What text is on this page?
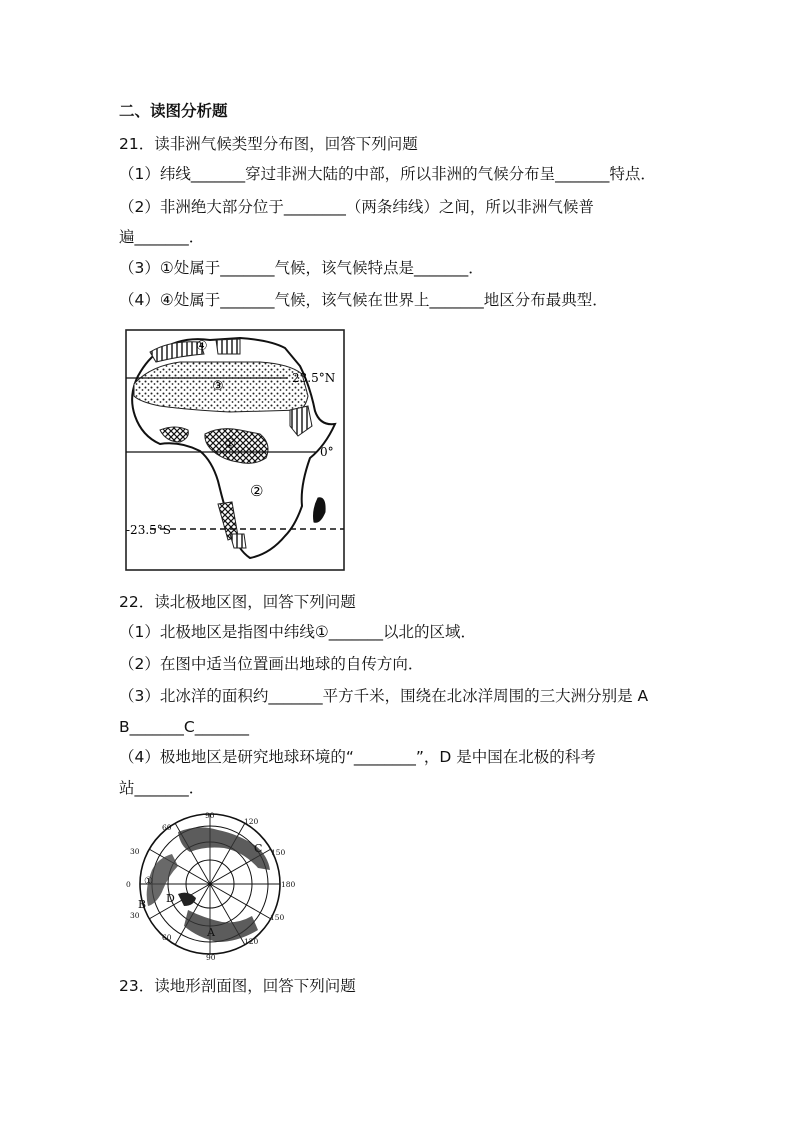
二、读图分析题
21．读非洲气候类型分布图，回答下列问题
（1）纬线_______穿过非洲大陆的中部，所以非洲的气候分布呈_______特点．
（2）非洲绝大部分位于________（两条纬线）之间，所以非洲气候普
遍_______．
（3）①处属于_______气候，该气候特点是_______．
（4）④处属于_______气候，该气候在世界上_______地区分布最典型．
23.5°N
0°
-23.5°S
①
②
③
④
22．读北极地区图，回答下列问题
（1）北极地区是指图中纬线①_______以北的区域．
（2）在图中适当位置画出地球的自传方向．
（3）北冰洋的面积约_______平方千米，围绕在北冰洋周围的三大洲分别是 A
B_______C_______
（4）极地地区是研究地球环境的“________”，D 是中国在北极的科考
站_______．
90
120
150
180
150
120
90
60
30
0
30
60
A
B
C
D
①
23．读地形剖面图，回答下列问题
